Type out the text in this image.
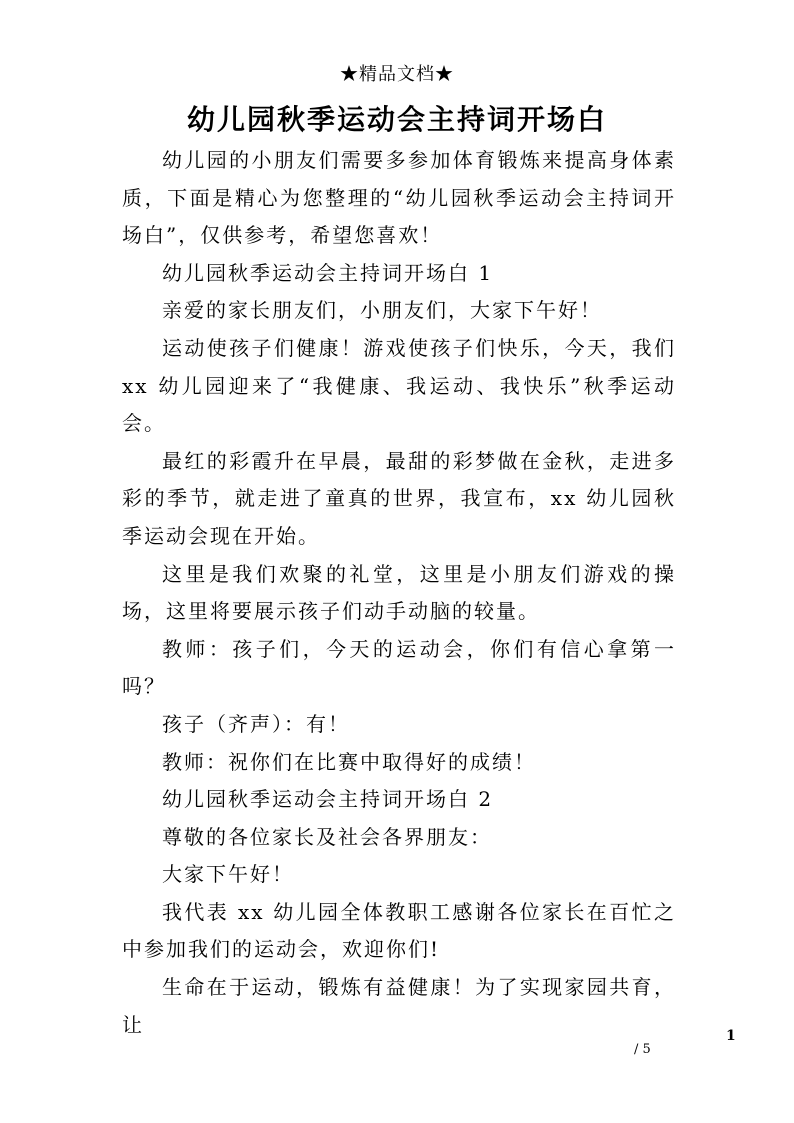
★精品文档★
幼儿园秋季运动会主持词开场白

幼儿园的小朋友们需要多参加体育锻炼来提高身体素质，下面是精心为您整理的“幼儿园秋季运动会主持词开场白”，仅供参考，希望您喜欢！

幼儿园秋季运动会主持词开场白 1

亲爱的家长朋友们，小朋友们，大家下午好！

运动使孩子们健康！游戏使孩子们快乐，今天，我们 xx 幼儿园迎来了“我健康、我运动、我快乐”秋季运动会。

最红的彩霞升在早晨，最甜的彩梦做在金秋，走进多彩的季节，就走进了童真的世界，我宣布，xx 幼儿园秋季运动会现在开始。

这里是我们欢聚的礼堂，这里是小朋友们游戏的操场，这里将要展示孩子们动手动脑的较量。

教师：孩子们，今天的运动会，你们有信心拿第一吗？

孩子（齐声）：有！

教师：祝你们在比赛中取得好的成绩！

幼儿园秋季运动会主持词开场白 2

尊敬的各位家长及社会各界朋友：

大家下午好！

我代表 xx 幼儿园全体教职工感谢各位家长在百忙之中参加我们的运动会，欢迎你们!

生命在于运动，锻炼有益健康！为了实现家园共育，让	1
/ 5
